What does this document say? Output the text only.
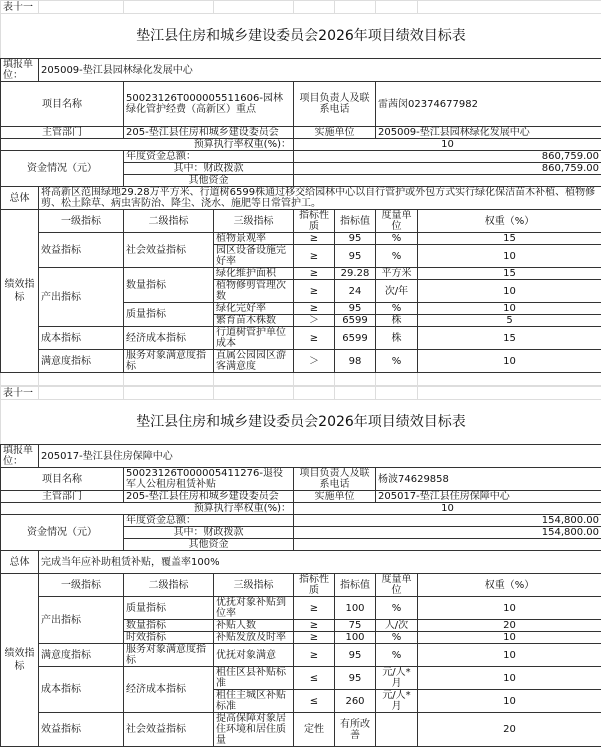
表十一							
垫江县住房和城乡建设委员会2026年项目绩效目标表							
填报单位：	205009-垫江县园林绿化发展中心						
项目名称		50023126T000005511606-园林绿化管护经费（高新区）重点		项目负责人及联系电话		雷茜闵02374677982	
主管部门		205-垫江县住房和城乡建设委员会		实施单位		205009-垫江县园林绿化发展中心	
预算执行率权重(%)：				10			
资金情况（元）		年度资金总额：		860,759.00			
		其中：财政拨款		860,759.00			
		其他资金					
总体	将高新区范围绿地29.28万平方米、行道树6599株通过移交给园林中心以自行管护或外包方式实行绿化保洁苗木补植、植物修剪、松土除草、病虫害防治、降尘、浇水、施肥等日常管护工。						
绩效指标	一级指标	二级指标	三级指标	指标性质	指标值	度量单位	权重（%）
	效益指标	社会效益指标	植物景观率	≥	95	%	15
			园区设备设施完好率	≥	95	%	10
	产出指标	数量指标	绿化维护面积	≥	29.28	平方米	15
			植物修剪管理次数	≥	24	次/年	10
		质量指标	绿化完好率	≥	95	%	10
			繁育苗木株数	＞	6599	株	5
	成本指标	经济成本指标	行道树管护单位成本	≥	6599	株	15
	满意度指标	服务对象满意度指标	直属公园园区游客满意度	＞	98	%	10

表十一							
垫江县住房和城乡建设委员会2026年项目绩效目标表							
填报单位：	205017-垫江县住房保障中心						
项目名称		50023126T000005411276-退役军人公租房租赁补贴		项目负责人及联系电话		杨波74629858	
主管部门		205-垫江县住房和城乡建设委员会		实施单位		205017-垫江县住房保障中心	
预算执行率权重(%)：				10			
资金情况（元）		年度资金总额：		154,800.00			
		其中：财政拨款		154,800.00			
		其他资金					
总体	完成当年应补助租赁补贴，覆盖率100%						
绩效指标	一级指标	二级指标	三级指标	指标性质	指标值	度量单位	权重（%）
	产出指标	质量指标	优抚对象补贴到位率	≥	100	%	10
		数量指标	补贴人数	≥	75	人/次	20
		时效指标	补贴发放及时率	≥	100	%	10
	满意度指标	服务对象满意度指标	优抚对象满意	≥	95	%	10
	成本指标	经济成本指标	租住区县补贴标准	≤	95	元/人*月	10
			租住主城区补贴标准	≤	260	元/人*月	10
	效益指标	社会效益指标	提高保障对象居住环境和居住质量	定性	有所改善		20
